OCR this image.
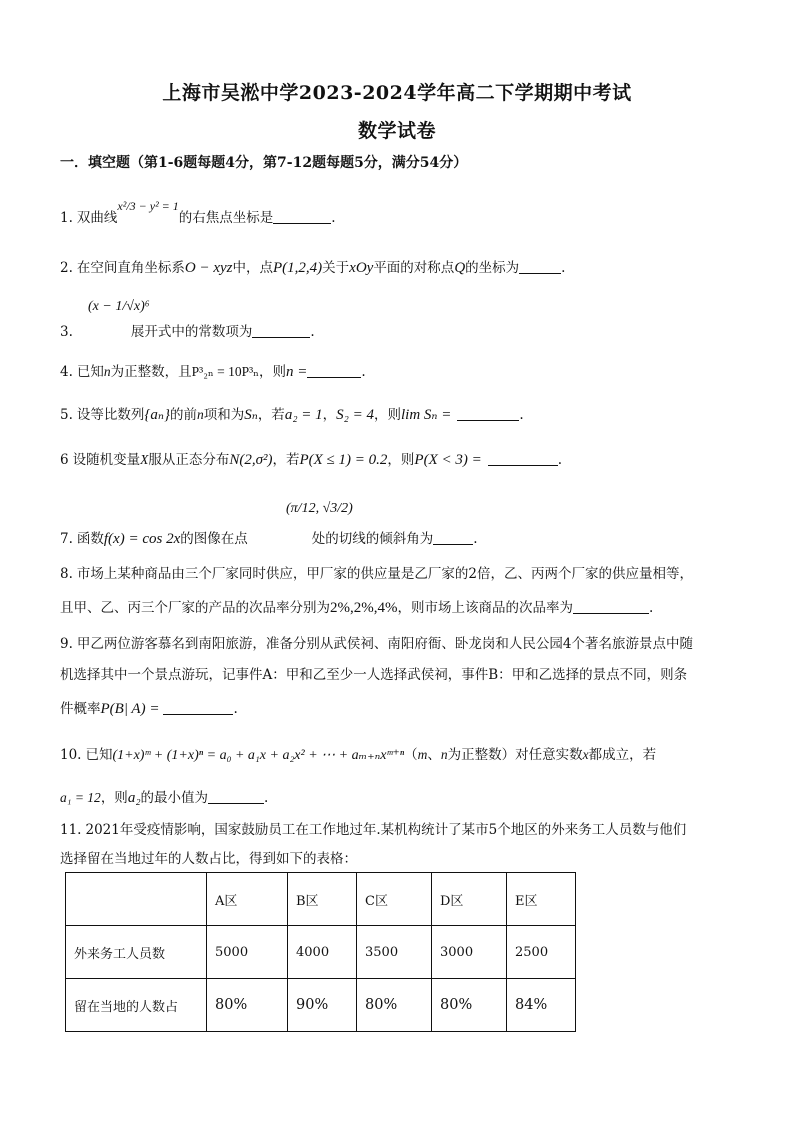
上海市吴淞中学2023-2024学年高二下学期期中考试
数学试卷
一．填空题（第1-6题每题4分，第7-12题每题5分，满分54分）
1. 双曲线x²/3 − y² = 1的右焦点坐标是	.
2. 在空间直角坐标系O − xyz中，点P(1,2,4)关于xOy平面的对称点Q的坐标为	.
(x − 1/√x)⁶
3.	展开式中的常数项为	.
4. 已知n为正整数，且P³₂ₙ = 10P³ₙ，则n =	.
5. 设等比数列{aₙ}的前n项和为Sₙ，若a₂ = 1，S₂ = 4，则lim Sₙ =	.
6 设随机变量X服从正态分布N(2,σ²)，若P(X ≤ 1) = 0.2，则P(X < 3) =	.
(π/12, √3/2)
7. 函数f(x) = cos 2x的图像在点	处的切线的倾斜角为	.
8. 市场上某种商品由三个厂家同时供应，甲厂家的供应量是乙厂家的2倍，乙、丙两个厂家的供应量相等，
且甲、乙、丙三个厂家的产品的次品率分别为2%,2%,4%，则市场上该商品的次品率为	.
9. 甲乙两位游客慕名到南阳旅游，准备分别从武侯祠、南阳府衙、卧龙岗和人民公园4个著名旅游景点中随
机选择其中一个景点游玩，记事件A：甲和乙至少一人选择武侯祠，事件B：甲和乙选择的景点不同，则条
件概率P(B| A) =	.
10. 已知(1+x)ᵐ + (1+x)ⁿ = a₀ + a₁x + a₂x² + ⋯ + aₘ₊ₙxᵐ⁺ⁿ（m、n为正整数）对任意实数x都成立，若
a₁ = 12，则a₂的最小值为	.
11. 2021年受疫情影响，国家鼓励员工在工作地过年.某机构统计了某市5个地区的外来务工人员数与他们
选择留在当地过年的人数占比，得到如下的表格：
	A区	B区	C区	D区	E区
外来务工人员数	5000	4000	3500	3000	2500
留在当地的人数占	80%	90%	80%	80%	84%
